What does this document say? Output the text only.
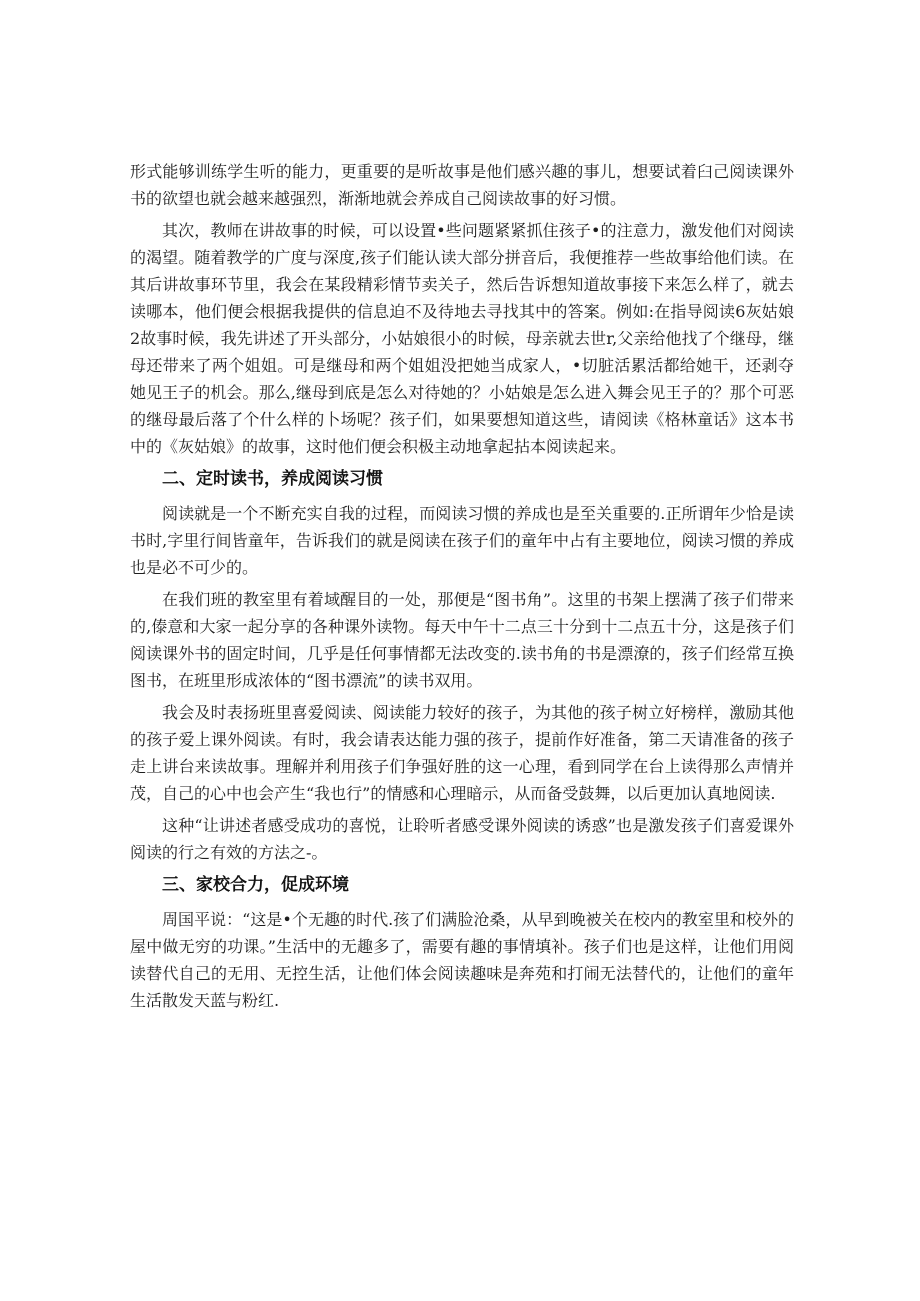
形式能够训练学生听的能力，更重要的是听故事是他们感兴趣的事儿，想要试着臼己阅读课外书的欲望也就会越来越强烈，渐渐地就会养成自己阅读故事的好习惯。

其次，教师在讲故事的时候，可以设置•些问题紧紧抓住孩子•的注意力，激发他们对阅读的渴望。随着教学的广度与深度,孩子们能认读大部分拼音后，我便推荐一些故事给他们读。在其后讲故事环节里，我会在某段精彩情节卖关子，然后告诉想知道故事接下来怎么样了，就去读哪本，他们便会根据我提供的信息迫不及待地去寻找其中的答案。例如:在指导阅读6灰姑娘2故事时候，我先讲述了开头部分，小姑娘很小的时候，母亲就去世r,父亲给他找了个继母，继母还带来了两个姐姐。可是继母和两个姐姐没把她当成家人，•切脏活累活都给她干，还剥夺她见王子的机会。那么,继母到底是怎么对待她的？小姑娘是怎么进入舞会见王子的？那个可恶的继母最后落了个什么样的卜场呢？孩子们，如果要想知道这些，请阅读《格林童话》这本书中的《灰姑娘》的故事，这时他们便会积极主动地拿起拈本阅读起来。

二、定时读书，养成阅读习惯

阅读就是一个不断充实自我的过程，而阅读习惯的养成也是至关重要的.正所谓年少恰是读书时,字里行间皆童年，告诉我们的就是阅读在孩子们的童年中占有主要地位，阅读习惯的养成也是必不可少的。

在我们班的教室里有着域醒目的一处，那便是“图书角”。这里的书架上摆满了孩子们带来的,傣意和大家一起分享的各种课外读物。每天中午十二点三十分到十二点五十分，这是孩子们阅读课外书的固定时间，几乎是任何事情都无法改变的.读书角的书是漂潦的，孩子们经常互换图书，在班里形成浓体的“图书漂流”的读书双用。

我会及时表扬班里喜爱阅读、阅读能力较好的孩子，为其他的孩子树立好榜样，激励其他的孩子爱上课外阅读。有时，我会请表达能力强的孩子，提前作好准备，第二天请准备的孩子走上讲台来读故事。理解并利用孩子们争强好胜的这一心理，看到同学在台上读得那么声情并茂，自己的心中也会产生“我也行”的情感和心理暗示，从而备受鼓舞，以后更加认真地阅读.

这种“让讲述者感受成功的喜悦，让聆听者感受课外阅读的诱惑”也是激发孩子们喜爱课外阅读的行之有效的方法之-。

三、家校合力，促成环境

周国平说：“这是•个无趣的时代.孩了们满脸沧桑，从早到晚被关在校内的教室里和校外的屋中做无穷的功课。”生活中的无趣多了，需要有趣的事情填补。孩子们也是这样，让他们用阅读替代自己的无用、无控生活，让他们体会阅读趣味是奔苑和打闹无法替代的，让他们的童年生活散发天蓝与粉红.
